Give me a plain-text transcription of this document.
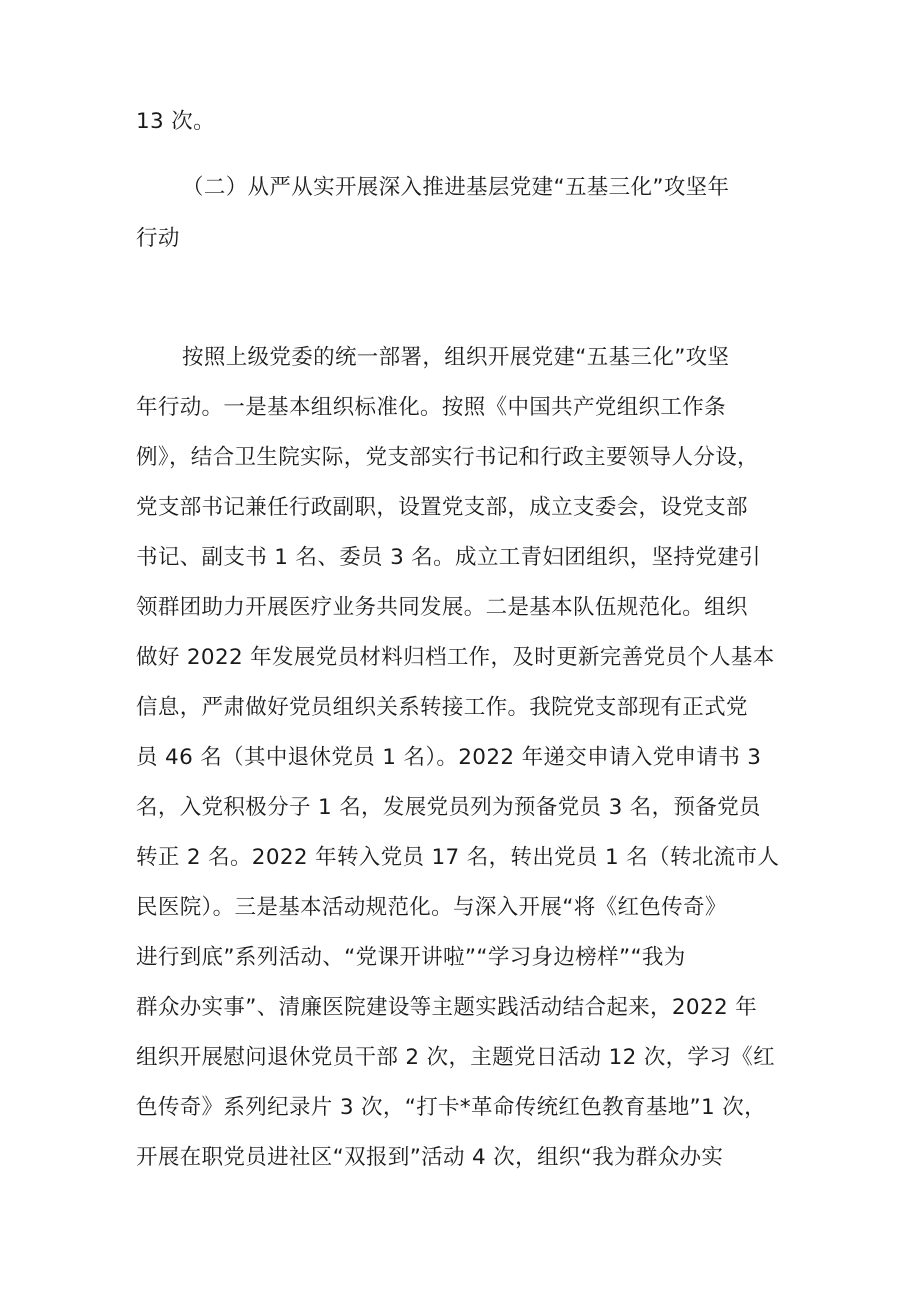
13 次。

（二）从严从实开展深入推进基层党建“五基三化”攻坚年

行动

按照上级党委的统一部署，组织开展党建“五基三化”攻坚

年行动。一是基本组织标准化。按照《中国共产党组织工作条

例》，结合卫生院实际，党支部实行书记和行政主要领导人分设，

党支部书记兼任行政副职，设置党支部，成立支委会，设党支部

书记、副支书 1 名、委员 3 名。成立工青妇团组织，坚持党建引

领群团助力开展医疗业务共同发展。二是基本队伍规范化。组织

做好 2022 年发展党员材料归档工作，及时更新完善党员个人基本

信息，严肃做好党员组织关系转接工作。我院党支部现有正式党

员 46 名（其中退休党员 1 名）。2022 年递交申请入党申请书 3

名，入党积极分子 1 名，发展党员列为预备党员 3 名，预备党员

转正 2 名。2022 年转入党员 17 名，转出党员 1 名（转北流市人

民医院）。三是基本活动规范化。与深入开展“将《红色传奇》

进行到底”系列活动、“党课开讲啦”“学习身边榜样”“我为

群众办实事”、清廉医院建设等主题实践活动结合起来，2022 年

组织开展慰问退休党员干部 2 次，主题党日活动 12 次，学习《红

色传奇》系列纪录片 3 次，“打卡*革命传统红色教育基地”1 次，

开展在职党员进社区“双报到”活动 4 次，组织“我为群众办实
